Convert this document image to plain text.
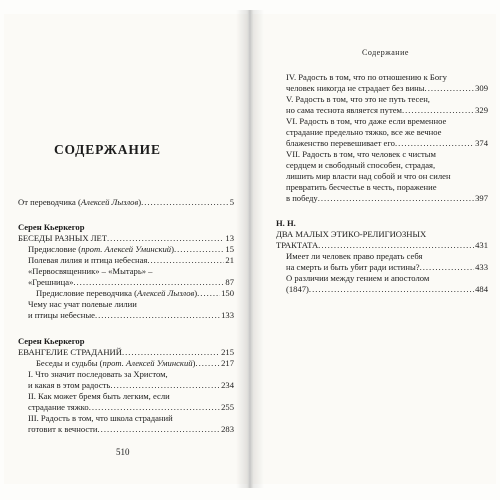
СОДЕРЖАНИЕ
От переводчика (Алексей Лызлов) .....	5
Серен Кьеркегор
БЕСЕДЫ РАЗНЫХ ЛЕТ .....	13
Предисловие (прот. Алексей Уминский) .....	15
Полевая лилия и птица небесная .....	21
«Первосвященник» – «Мытарь» –
«Грешница» .....	87
Предисловие переводчика (Алексей Лызлов) .....	150
Чему нас учат полевые лилии
и птицы небесные .....	133
Серен Кьеркегор
ЕВАНГЕЛИЕ СТРАДАНИЙ .....	215
Беседы и судьбы (прот. Алексей Уминский) .....	217
I. Что значит последовать за Христом,
и какая в этом радость .....	234
II. Как может бремя быть легким, если
страдание тяжко .....	255
III. Радость в том, что школа страданий
готовит к вечности .....	283
510
Содержание
IV. Радость в том, что по отношению к Богу
человек никогда не страдает без вины .....	309
V. Радость в том, что это не путь тесен,
но сама теснота является путем .....	329
VI. Радость в том, что даже если временное
страдание предельно тяжко, все же вечное
блаженство перевешивает его .....	374
VII. Радость в том, что человек с чистым
сердцем и свободный способен, страдая,
лишить мир власти над собой и что он силен
превратить бесчестье в честь, поражение
в победу .....	397
Н. Н.
ДВА МАЛЫХ ЭТИКО-РЕЛИГИОЗНЫХ
ТРАКТАТА .....	431
Имеет ли человек право предать себя
на смерть и быть убит ради истины? .....	433
О различии между гением и апостолом
(1847) .....	484
